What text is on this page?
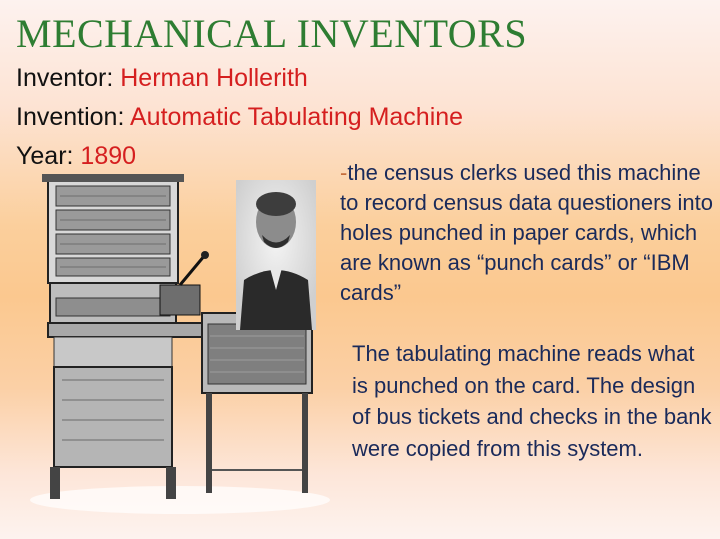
MECHANICAL INVENTORS
Inventor: Herman Hollerith
Invention: Automatic Tabulating Machine
Year: 1890
-the census clerks used this machine to record census data questioners into holes punched in paper cards, which are known as “punch cards” or “IBM cards”
The tabulating machine reads what is punched on the card. The design of bus tickets and checks in the bank were copied from this system.
